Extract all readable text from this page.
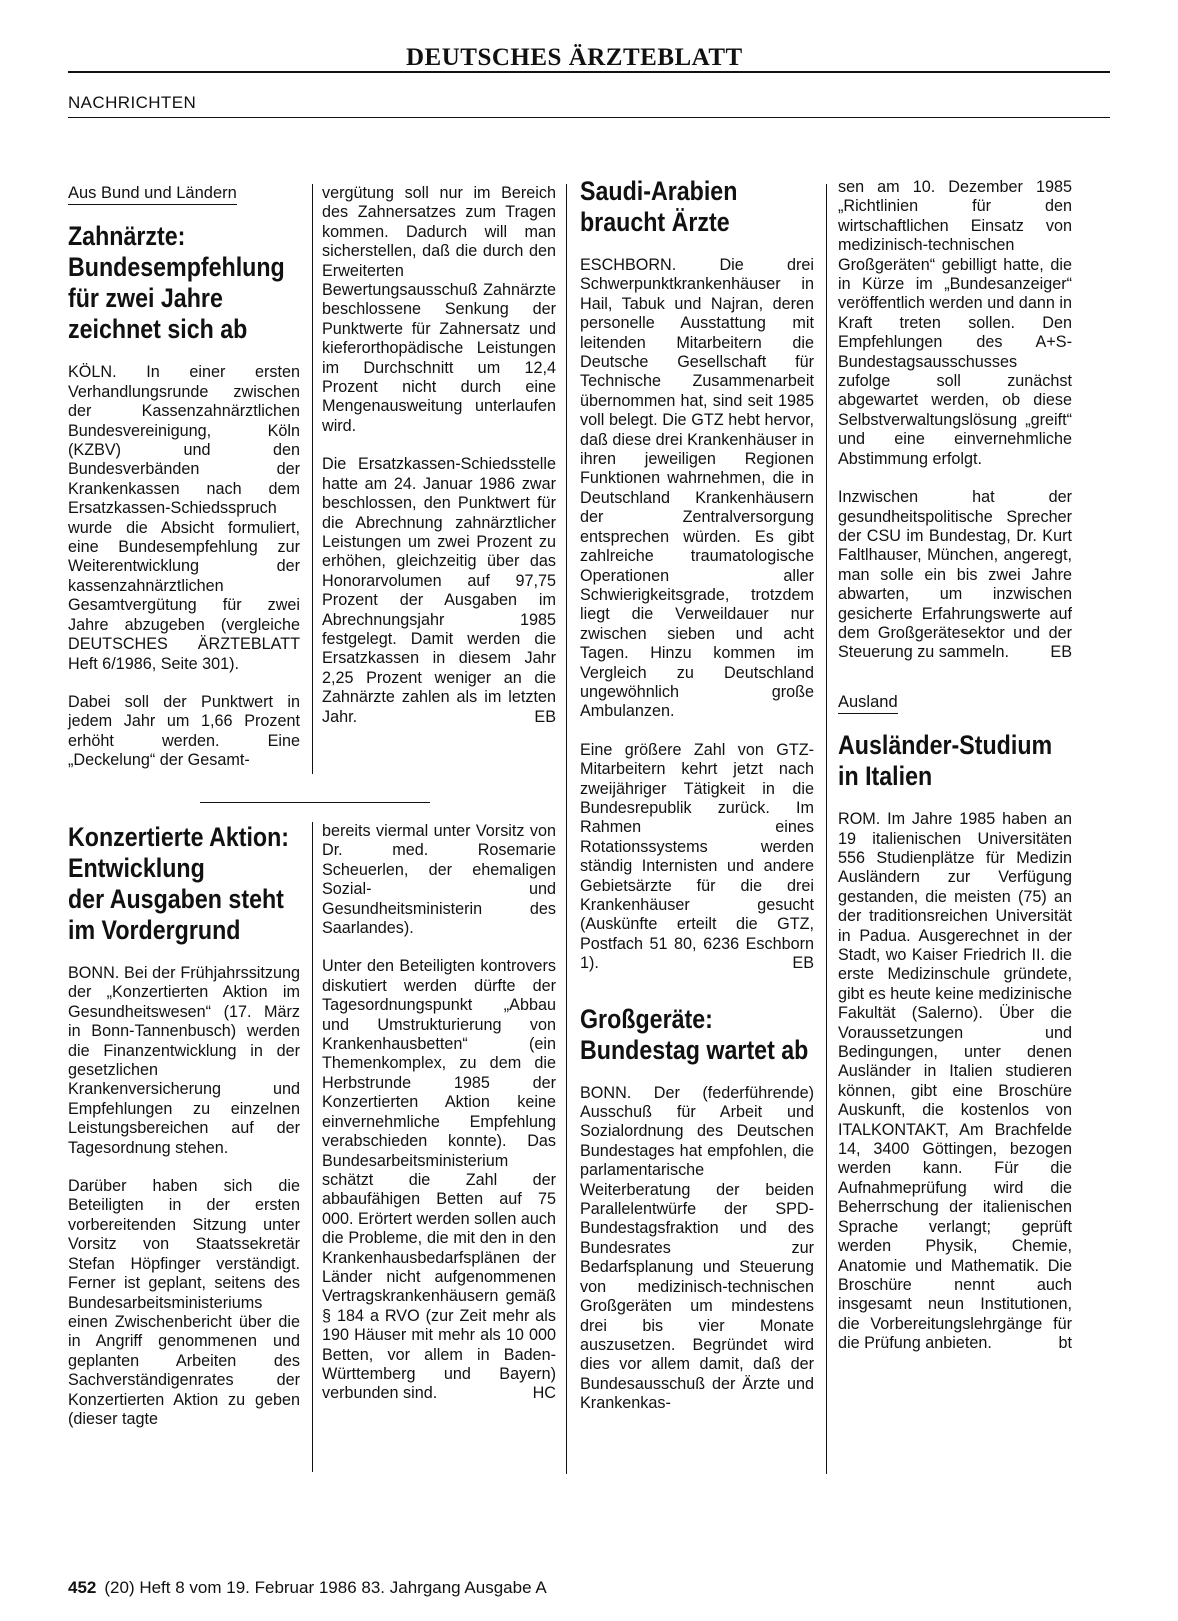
DEUTSCHES ÄRZTEBLATT
NACHRICHTEN
Aus Bund und Ländern
Zahnärzte:
Bundesempfehlung
für zwei Jahre
zeichnet sich ab

KÖLN. In einer ersten Verhandlungsrunde zwischen der Kassenzahnärztlichen Bundesvereinigung, Köln (KZBV) und den Bundesverbänden der Krankenkassen nach dem Ersatzkassen-Schiedsspruch wurde die Absicht formuliert, eine Bundesempfehlung zur Weiterentwicklung der kassenzahnärztlichen Gesamtvergütung für zwei Jahre abzugeben (vergleiche DEUTSCHES ÄRZTEBLATT Heft 6/1986, Seite 301).

Dabei soll der Punktwert in jedem Jahr um 1,66 Prozent erhöht werden. Eine „Deckelung“ der Gesamt-

vergütung soll nur im Bereich des Zahnersatzes zum Tragen kommen. Dadurch will man sicherstellen, daß die durch den Erweiterten Bewertungsausschuß Zahnärzte beschlossene Senkung der Punktwerte für Zahnersatz und kieferorthopädische Leistungen im Durchschnitt um 12,4 Prozent nicht durch eine Mengenausweitung unterlaufen wird.

Die Ersatzkassen-Schiedsstelle hatte am 24. Januar 1986 zwar beschlossen, den Punktwert für die Abrechnung zahnärztlicher Leistungen um zwei Prozent zu erhöhen, gleichzeitig über das Honorarvolumen auf 97,75 Prozent der Ausgaben im Abrechnungsjahr 1985 festgelegt. Damit werden die Ersatzkassen in diesem Jahr 2,25 Prozent weniger an die Zahnärzte zahlen als im letzten Jahr.	EB

Konzertierte Aktion:
Entwicklung
der Ausgaben steht
im Vordergrund

BONN. Bei der Frühjahrssitzung der „Konzertierten Aktion im Gesundheitswesen“ (17. März in Bonn-Tannenbusch) werden die Finanzentwicklung in der gesetzlichen Krankenversicherung und Empfehlungen zu einzelnen Leistungsbereichen auf der Tagesordnung stehen.

Darüber haben sich die Beteiligten in der ersten vorbereitenden Sitzung unter Vorsitz von Staatssekretär Stefan Höpfinger verständigt. Ferner ist geplant, seitens des Bundesarbeitsministeriums einen Zwischenbericht über die in Angriff genommenen und geplanten Arbeiten des Sachverständigenrates der Konzertierten Aktion zu geben (dieser tagte

bereits viermal unter Vorsitz von Dr. med. Rosemarie Scheuerlen, der ehemaligen Sozial- und Gesundheitsministerin des Saarlandes).

Unter den Beteiligten kontrovers diskutiert werden dürfte der Tagesordnungspunkt „Abbau und Umstrukturierung von Krankenhausbetten“ (ein Themenkomplex, zu dem die Herbstrunde 1985 der Konzertierten Aktion keine einvernehmliche Empfehlung verabschieden konnte). Das Bundesarbeitsministerium schätzt die Zahl der abbaufähigen Betten auf 75 000. Erörtert werden sollen auch die Probleme, die mit den in den Krankenhausbedarfsplänen der Länder nicht aufgenommenen Vertragskrankenhäusern gemäß § 184 a RVO (zur Zeit mehr als 190 Häuser mit mehr als 10 000 Betten, vor allem in Baden-Württemberg und Bayern) verbunden sind.	HC

Saudi-Arabien
braucht Ärzte

ESCHBORN. Die drei Schwerpunktkrankenhäuser in Hail, Tabuk und Najran, deren personelle Ausstattung mit leitenden Mitarbeitern die Deutsche Gesellschaft für Technische Zusammenarbeit übernommen hat, sind seit 1985 voll belegt. Die GTZ hebt hervor, daß diese drei Krankenhäuser in ihren jeweiligen Regionen Funktionen wahrnehmen, die in Deutschland Krankenhäusern der Zentralversorgung entsprechen würden. Es gibt zahlreiche traumatologische Operationen aller Schwierigkeitsgrade, trotzdem liegt die Verweildauer nur zwischen sieben und acht Tagen. Hinzu kommen im Vergleich zu Deutschland ungewöhnlich große Ambulanzen.

Eine größere Zahl von GTZ-Mitarbeitern kehrt jetzt nach zweijähriger Tätigkeit in die Bundesrepublik zurück. Im Rahmen eines Rotationssystems werden ständig Internisten und andere Gebietsärzte für die drei Krankenhäuser gesucht (Auskünfte erteilt die GTZ, Postfach 51 80, 6236 Eschborn 1).	EB

Großgeräte:
Bundestag wartet ab

BONN. Der (federführende) Ausschuß für Arbeit und Sozialordnung des Deutschen Bundestages hat empfohlen, die parlamentarische Weiterberatung der beiden Parallelentwürfe der SPD-Bundestagsfraktion und des Bundesrates zur Bedarfsplanung und Steuerung von medizinisch-technischen Großgeräten um mindestens drei bis vier Monate auszusetzen. Begründet wird dies vor allem damit, daß der Bundesausschuß der Ärzte und Krankenkas-

sen am 10. Dezember 1985 „Richtlinien für den wirtschaftlichen Einsatz von medizinisch-technischen Großgeräten“ gebilligt hatte, die in Kürze im „Bundesanzeiger“ veröffentlich werden und dann in Kraft treten sollen. Den Empfehlungen des A+S-Bundestagsausschusses zufolge soll zunächst abgewartet werden, ob diese Selbstverwaltungslösung „greift“ und eine einvernehmliche Abstimmung erfolgt.

Inzwischen hat der gesundheitspolitische Sprecher der CSU im Bundestag, Dr. Kurt Faltlhauser, München, angeregt, man solle ein bis zwei Jahre abwarten, um inzwischen gesicherte Erfahrungswerte auf dem Großgerätesektor und der Steuerung zu sammeln.	EB

Ausland
Ausländer-Studium
in Italien

ROM. Im Jahre 1985 haben an 19 italienischen Universitäten 556 Studienplätze für Medizin Ausländern zur Verfügung gestanden, die meisten (75) an der traditionsreichen Universität in Padua. Ausgerechnet in der Stadt, wo Kaiser Friedrich II. die erste Medizinschule gründete, gibt es heute keine medizinische Fakultät (Salerno). Über die Voraussetzungen und Bedingungen, unter denen Ausländer in Italien studieren können, gibt eine Broschüre Auskunft, die kostenlos von ITALKONTAKT, Am Brachfelde 14, 3400 Göttingen, bezogen werden kann. Für die Aufnahmeprüfung wird die Beherrschung der italienischen Sprache verlangt; geprüft werden Physik, Chemie, Anatomie und Mathematik. Die Broschüre nennt auch insgesamt neun Institutionen, die Vorbereitungslehrgänge für die Prüfung anbieten.	bt

452 (20) Heft 8 vom 19. Februar 1986 83. Jahrgang Ausgabe A
